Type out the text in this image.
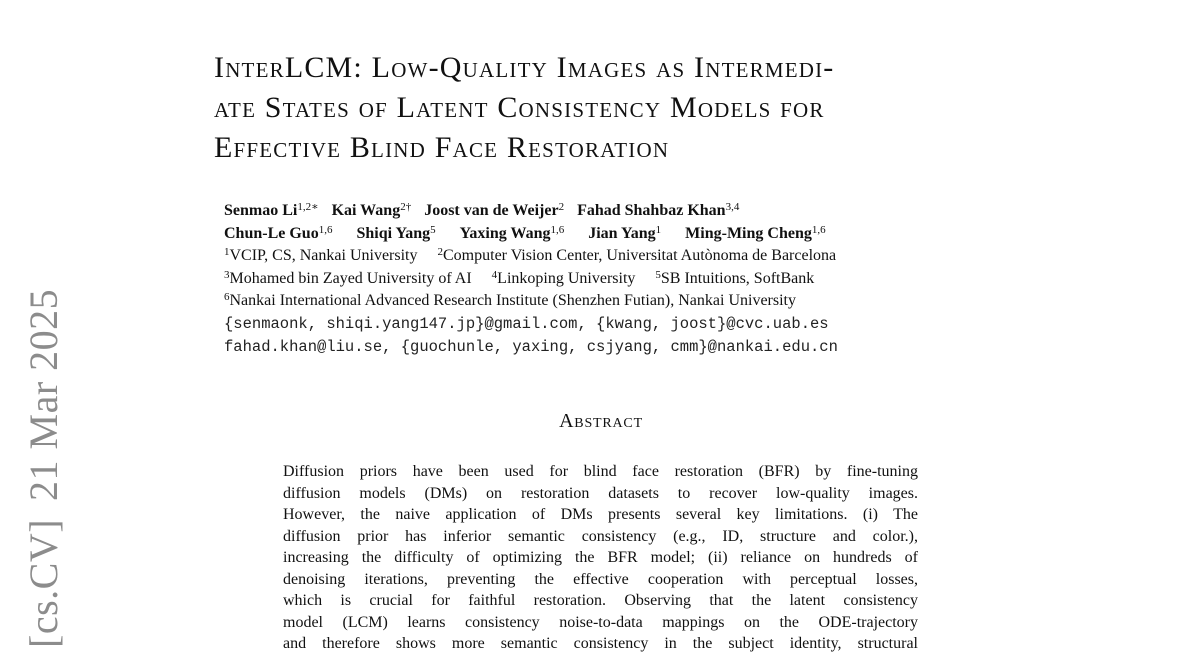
[cs.CV]21 Mar 2025
InterLCM: Low-Quality Images as Intermedi-
ate States of Latent Consistency Models for
Effective Blind Face Restoration
Senmao $Li^{1,2∗}$ Kai Wang$^{2\dagger}$ Joost van de Weijer$^2$ Fahad Shahbaz Khan$^{3,4}$
Chun-Le Guo$^{1,6}$ Shiqi Yang$^5$ Yaxing Wang$^{1,6}$ Jian Yang$^1$ Ming-Ming Cheng$^{1,6}$
$^1$VCIP, CS, Nankai University $^2$Computer Vision Center, Universitat Autònoma de Barcelona
$^3$Mohamed bin Zayed University of AI $^4$Linkoping University $^5$SB Intuitions, SoftBank
$^6$Nankai International Advanced Research Institute (Shenzhen Futian), Nankai University
{senmaonk, shiqi.yang147.jp}@gmail.com, {kwang, joost}@cvc.uab.es
fahad.khan@liu.se, {guochunle, yaxing, csjyang, cmm}@nankai.edu.cn
Abstract
Diffusion priors have been used for blind face restoration (BFR) by fine-tuning
diffusion models (DMs) on restoration datasets to recover low-quality images.
However, the naive application of DMs presents several key limitations. (i) The
diffusion prior has inferior semantic consistency (e.g., ID, structure and color.),
increasing the difficulty of optimizing the BFR model; (ii) reliance on hundreds of
denoising iterations, preventing the effective cooperation with perceptual losses,
which is crucial for faithful restoration. Observing that the latent consistency
model (LCM) learns consistency noise-to-data mappings on the ODE-trajectory
and therefore shows more semantic consistency in the subject identity, structural
